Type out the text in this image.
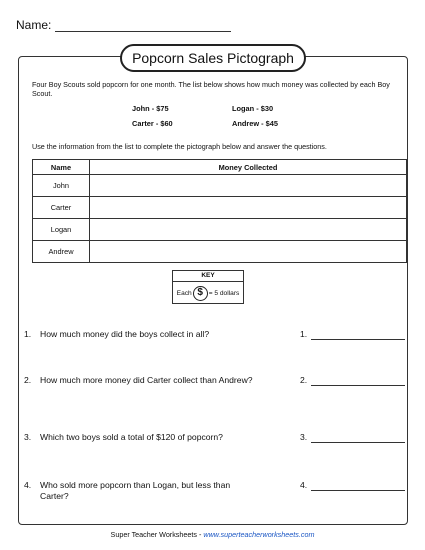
Name:
Popcorn Sales Pictograph
Four Boy Scouts sold popcorn for one month. The list below shows how much money was collected by each Boy Scout.
John - $75	Logan - $30
Carter - $60	Andrew - $45
Use the information from the list to complete the pictograph below and answer the questions.
Name	Money Collected
John	
Carter	
Logan	
Andrew	
KEY
Each $ = 5 dollars
1.	How much money did the boys collect in all?	1.
2.	How much more money did Carter collect than Andrew?	2.
3.	Which two boys sold a total of $120 of popcorn?	3.
4.	Who sold more popcorn than Logan, but less than Carter?
4.
Super Teacher Worksheets - www.superteacherworksheets.com
